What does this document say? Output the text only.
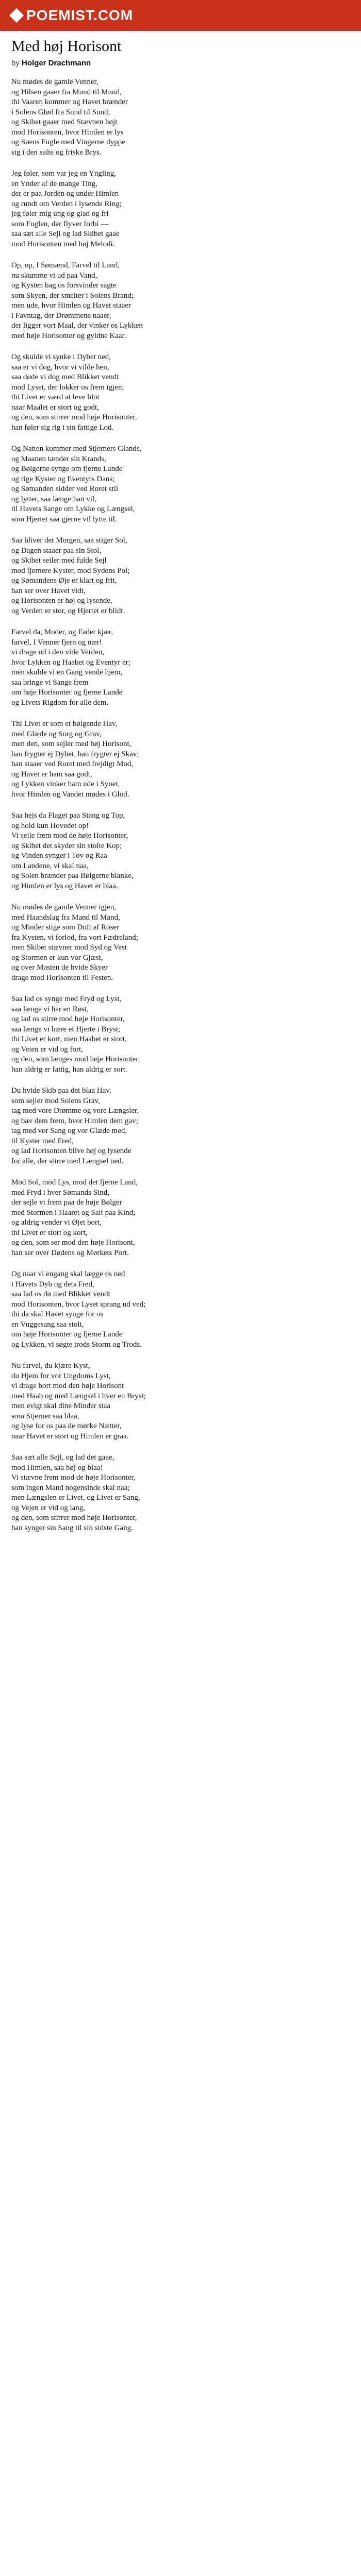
POEMIST.COM
Med høj Horisont
by Holger Drachmann
Nu mødes de gamle Venner,
og Hilsen gaaer fra Mund til Mund,
thi Vaaren kommer og Havet brænder
i Solens Glød fra Sund til Sund,
og Skibet gaaer med Stævnen højt
mod Horisonten, hvor Himlen er lys
og Søens Fugle med Vingerne dyppe
sig i den salte og friske Brys.
Jeg føler, som var jeg en Yngling,
en Ynder af de mange Ting,
der er paa Jorden og under Himlen
og rundt om Verden i lysende Ring;
jeg føler mig ung og glad og fri
som Fuglen, der flyver forbi —
saa sæt alle Sejl og lad Skibet gaae
mod Horisonten med høj Melodi.
Op, op, I Sømænd, Farvel til Land,
nu skumme vi ud paa Vand,
og Kysten bag os forsvinder sagte
som Skyen, der smelter i Solens Brand;
men ude, hvor Himlen og Havet staaer
i Favntag, der Drømmene naaer,
der ligger vort Maal, der vinker os Lykken
med høje Horisonter og gyldne Kaar.
Og skulde vi synke i Dybet ned,
saa er vi dog, hvor vi vilde hen,
saa døde vi dog med Blikket vendt
mod Lyset, der lokker os frem igjen;
thi Livet er værd at leve blot
naar Maalet er stort og godt,
og den, som stirrer mod høje Horisonter,
han føler sig rig i sin fattige Lod.
Og Natten kommer med Stjerners Glands,
og Maanen tænder sin Krands,
og Bølgerne synge om fjerne Lande
og rige Kyster og Eventyrs Dans;
og Sømanden sidder ved Roret stil
og lytter, saa længe han vil,
til Havets Sange om Lykke og Længsel,
som Hjertet saa gjerne vil lytte til.
Saa bliver det Morgen, saa stiger Sol,
og Dagen staaer paa sin Stol,
og Skibet seiler med fulde Sejl
mod fjernere Kyster, mod Sydens Pol;
og Sømandens Øje er klart og frit,
han ser over Havet vidt,
og Horisonten er høj og lysende,
og Verden er stor, og Hjertet er blidt.
Farvel da, Moder, og Fader kjær,
farvel, I Venner fjern og nær!
vi drage ud i den vide Verden,
hvor Lykken og Haabet og Eventyr er;
men skulde vi en Gang vende hjem,
saa bringe vi Sange frem
om høje Horisonter og fjerne Lande
og Livets Rigdom for alle dem.
Thi Livet er som et bølgende Hav,
med Glæde og Sorg og Grav,
men den, som sejler med høj Horisont,
han frygter ej Dybet, han frygter ej Skav;
han staaer ved Roret med frejdigt Mod,
og Havet er ham saa godt,
og Lykken vinker ham ude i Synet,
hvor Himlen og Vandet mødes i Glod.
Saa hejs da Flaget paa Stang og Top,
og hold kun Hovedet op!
Vi sejle frem mod de høje Horisonter,
og Skibet det skyder sin stolte Kop;
og Vinden synger i Tov og Raa
om Landene, vi skal naa,
og Solen brænder paa Bølgerne blanke,
og Himlen er lys og Havet er blaa.
Nu mødes de gamle Venner igjen,
med Haandslag fra Mand til Mand,
og Minder stige som Duft af Roser
fra Kysten, vi forlod, fra vort Fædreland;
men Skibet stævner mod Syd og Vest
og Stormen er kun vor Gjæst,
og over Masten de hvide Skyer
drage mod Horisonten til Festen.
Saa lad os synge med Fryd og Lyst,
saa længe vi har en Røst,
og lad os stirre mod høje Horisonter,
saa længe vi bære et Hjerte i Bryst;
thi Livet er kort, men Haabet er stort,
og Veien er vid og fort,
og den, som længes mod høje Horisonter,
han aldrig er fattig, han aldrig er sort.
Du hvide Skib paa det blaa Hav,
som sejler mod Solens Grav,
tag med vore Drømme og vore Længsler,
og bær dem frem, hvor Himlen dem gav;
tag med vor Sang og vor Glæde med,
til Kyster med Fred,
og lad Horisonten blive høj og lysende
for alle, der stirre med Længsel ned.
Mod Sol, mod Lys, mod det fjerne Land,
med Fryd i hver Sømands Sind,
der sejle vi frem paa de høje Bølger
med Stormen i Haaret og Salt paa Kind;
og aldrig vender vi Øjet bort,
thi Livet er stort og kort,
og den, som ser mod den høje Horisont,
han ser over Dødens og Mørkets Port.
Og naar vi engang skal lægge os ned
i Havets Dyb og dets Fred,
saa lad os dø med Blikket vendt
mod Horisonten, hvor Lyset sprang ud ved;
thi da skal Havet synge for os
en Vuggesang saa stolt,
om høje Horisonter og fjerne Lande
og Lykken, vi søgte trods Storm og Trods.
Nu farvel, du kjære Kyst,
du Hjem for vor Ungdoms Lyst,
vi drage bort mod den høje Horisont
med Haab og med Længsel i hver en Bryst;
men evigt skal dine Minder staa
som Stjerner saa blaa,
og lyse for os paa de mørke Nætter,
naar Havet er stort og Himlen er graa.
Saa sæt alle Sejl, og lad det gaae,
mod Himlen, saa høj og blaa!
Vi stævne frem mod de høje Horisonter,
som ingen Mand nogensinde skal naa;
men Længslen er Livet, og Livet er Sang,
og Vejen er vid og lang,
og den, som stirrer mod høje Horisonter,
han synger sin Sang til sin sidste Gang.
